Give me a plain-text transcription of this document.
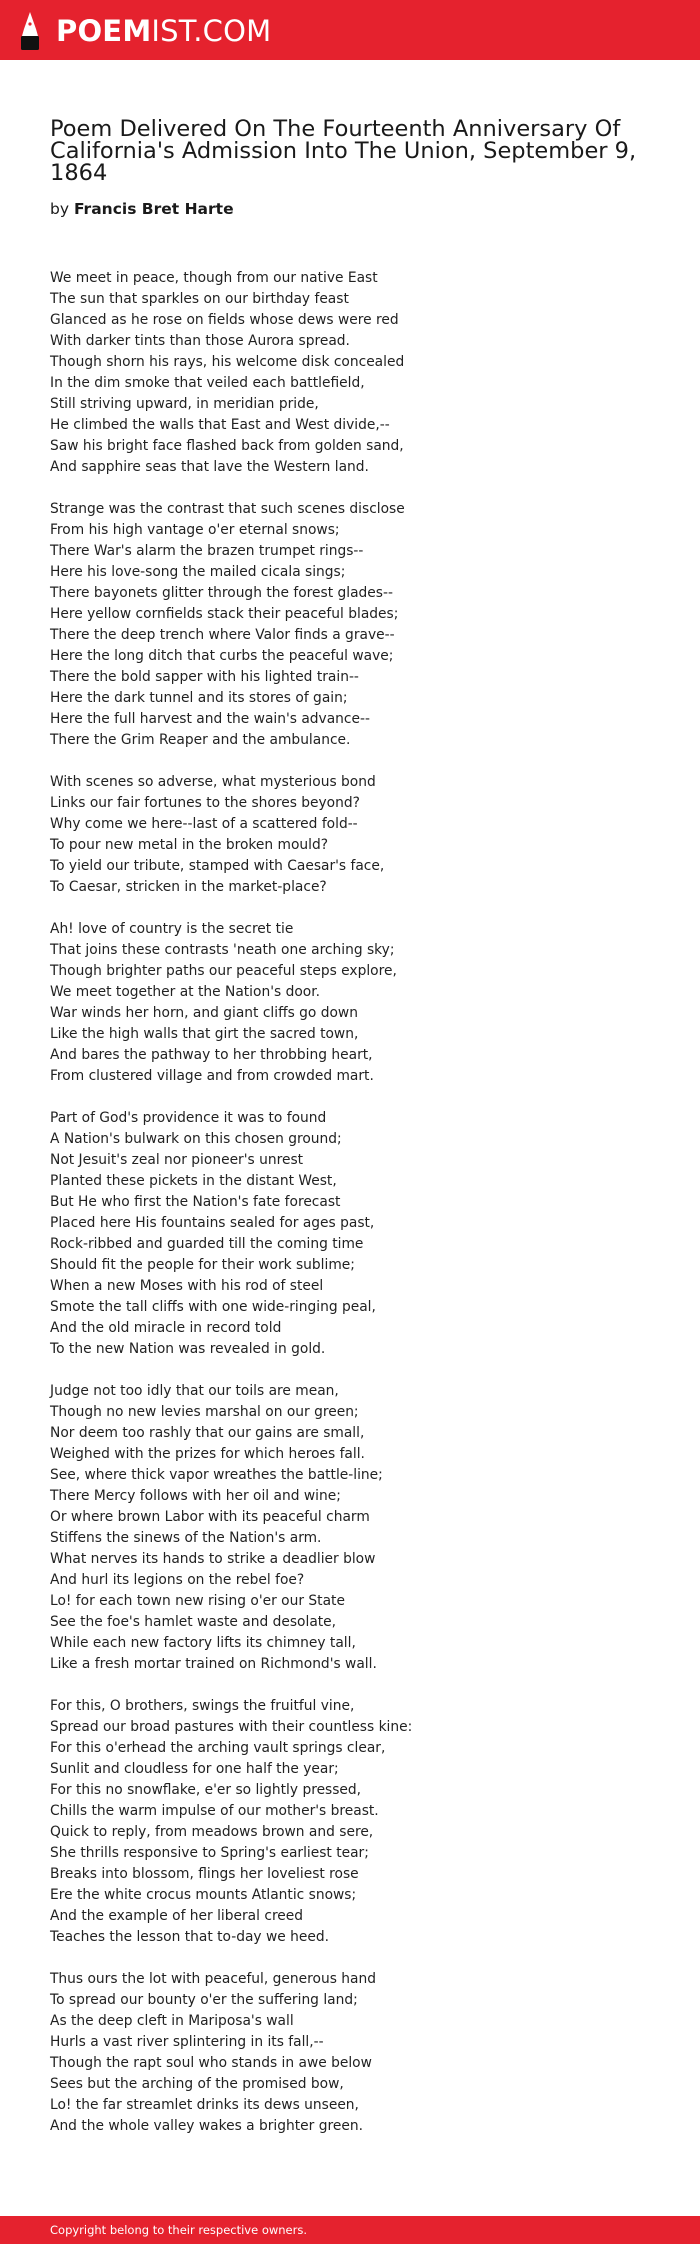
POEMIST.COM
Poem Delivered On The Fourteenth Anniversary Of California's Admission Into The Union, September 9, 1864
by Francis Bret Harte
We meet in peace, though from our native East
The sun that sparkles on our birthday feast
Glanced as he rose on fields whose dews were red
With darker tints than those Aurora spread.
Though shorn his rays, his welcome disk concealed
In the dim smoke that veiled each battlefield,
Still striving upward, in meridian pride,
He climbed the walls that East and West divide,--
Saw his bright face flashed back from golden sand,
And sapphire seas that lave the Western land.
Strange was the contrast that such scenes disclose
From his high vantage o'er eternal snows;
There War's alarm the brazen trumpet rings--
Here his love-song the mailed cicala sings;
There bayonets glitter through the forest glades--
Here yellow cornfields stack their peaceful blades;
There the deep trench where Valor finds a grave--
Here the long ditch that curbs the peaceful wave;
There the bold sapper with his lighted train--
Here the dark tunnel and its stores of gain;
Here the full harvest and the wain's advance--
There the Grim Reaper and the ambulance.
With scenes so adverse, what mysterious bond
Links our fair fortunes to the shores beyond?
Why come we here--last of a scattered fold--
To pour new metal in the broken mould?
To yield our tribute, stamped with Caesar's face,
To Caesar, stricken in the market-place?
Ah! love of country is the secret tie
That joins these contrasts 'neath one arching sky;
Though brighter paths our peaceful steps explore,
We meet together at the Nation's door.
War winds her horn, and giant cliffs go down
Like the high walls that girt the sacred town,
And bares the pathway to her throbbing heart,
From clustered village and from crowded mart.
Part of God's providence it was to found
A Nation's bulwark on this chosen ground;
Not Jesuit's zeal nor pioneer's unrest
Planted these pickets in the distant West,
But He who first the Nation's fate forecast
Placed here His fountains sealed for ages past,
Rock-ribbed and guarded till the coming time
Should fit the people for their work sublime;
When a new Moses with his rod of steel
Smote the tall cliffs with one wide-ringing peal,
And the old miracle in record told
To the new Nation was revealed in gold.
Judge not too idly that our toils are mean,
Though no new levies marshal on our green;
Nor deem too rashly that our gains are small,
Weighed with the prizes for which heroes fall.
See, where thick vapor wreathes the battle-line;
There Mercy follows with her oil and wine;
Or where brown Labor with its peaceful charm
Stiffens the sinews of the Nation's arm.
What nerves its hands to strike a deadlier blow
And hurl its legions on the rebel foe?
Lo! for each town new rising o'er our State
See the foe's hamlet waste and desolate,
While each new factory lifts its chimney tall,
Like a fresh mortar trained on Richmond's wall.
For this, O brothers, swings the fruitful vine,
Spread our broad pastures with their countless kine:
For this o'erhead the arching vault springs clear,
Sunlit and cloudless for one half the year;
For this no snowflake, e'er so lightly pressed,
Chills the warm impulse of our mother's breast.
Quick to reply, from meadows brown and sere,
She thrills responsive to Spring's earliest tear;
Breaks into blossom, flings her loveliest rose
Ere the white crocus mounts Atlantic snows;
And the example of her liberal creed
Teaches the lesson that to-day we heed.
Thus ours the lot with peaceful, generous hand
To spread our bounty o'er the suffering land;
As the deep cleft in Mariposa's wall
Hurls a vast river splintering in its fall,--
Though the rapt soul who stands in awe below
Sees but the arching of the promised bow,
Lo! the far streamlet drinks its dews unseen,
And the whole valley wakes a brighter green.
Copyright belong to their respective owners.
